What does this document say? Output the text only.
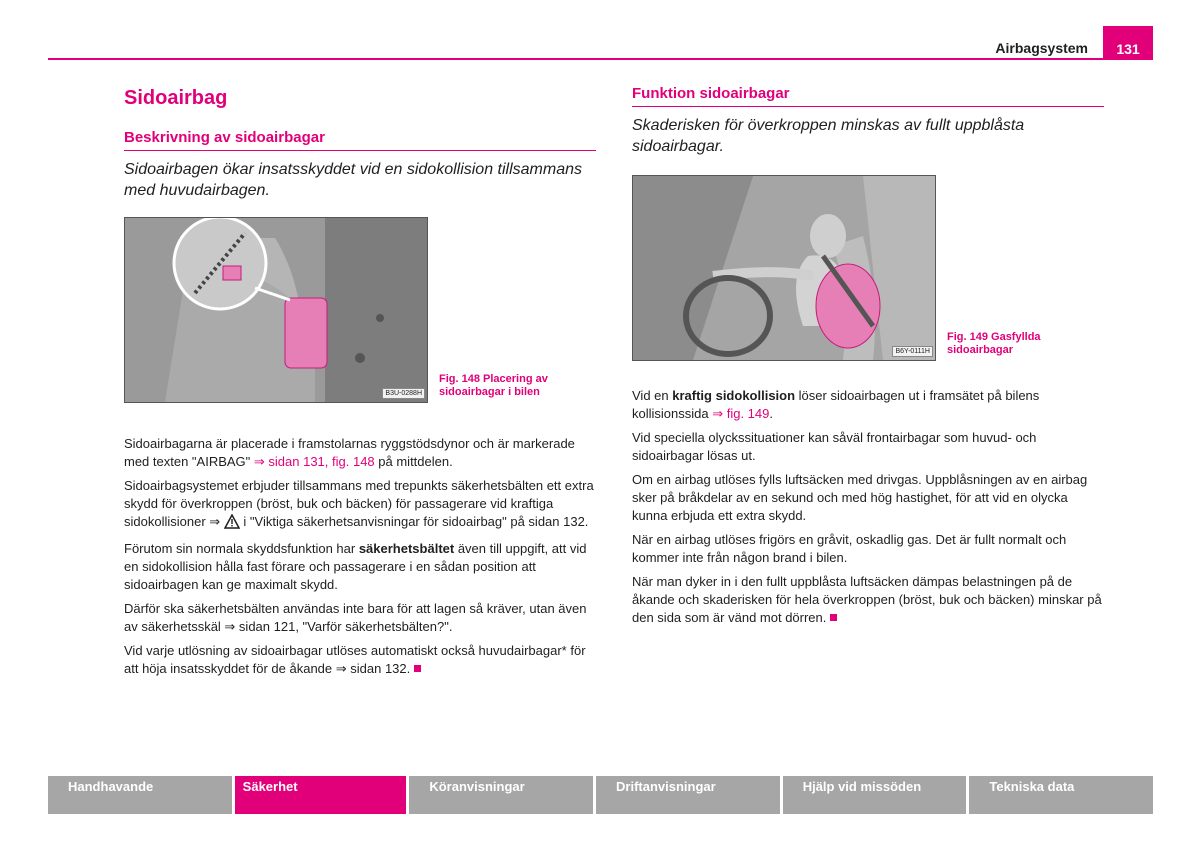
Airbagsystem	131
Sidoairbag
Beskrivning av sidoairbagar

Sidoairbagen ökar insatsskyddet vid en sidokollision tillsammans med huvudairbagen.

B3U-0288H
Fig. 148 Placering av sidoairbagar i bilen

Sidoairbagarna är placerade i framstolarnas ryggstödsdynor och är markerade med texten "AIRBAG" ⇒ sidan 131, fig. 148 på mittdelen.

Sidoairbagsystemet erbjuder tillsammans med trepunkts säkerhetsbälten ett extra skydd för överkroppen (bröst, buk och bäcken) för passagerare vid kraftiga sidokollisioner ⇒  i "Viktiga säkerhetsanvisningar för sidoairbag" på sidan 132.

Förutom sin normala skyddsfunktion har säkerhetsbältet även till uppgift, att vid en sidokollision hålla fast förare och passagerare i en sådan position att sidoairbagen kan ge maximalt skydd.

Därför ska säkerhetsbälten användas inte bara för att lagen så kräver, utan även av säkerhetsskäl ⇒ sidan 121, "Varför säkerhetsbälten?".

Vid varje utlösning av sidoairbagar utlöses automatiskt också huvudairbagar* för att höja insatsskyddet för de åkande ⇒ sidan 132.

Funktion sidoairbagar

Skaderisken för överkroppen minskas av fullt uppblåsta sidoairbagar.

B6Y-0111H
Fig. 149 Gasfyllda sidoairbagar

Vid en kraftig sidokollision löser sidoairbagen ut i framsätet på bilens kollisionssida ⇒ fig. 149.

Vid speciella olyckssituationer kan såväl frontairbagar som huvud- och sidoairbagar lösas ut.

Om en airbag utlöses fylls luftsäcken med drivgas. Uppblåsningen av en airbag sker på bråkdelar av en sekund och med hög hastighet, för att vid en olycka kunna erbjuda ett extra skydd.

När en airbag utlöses frigörs en gråvit, oskadlig gas. Det är fullt normalt och kommer inte från någon brand i bilen.

När man dyker in i den fullt uppblåsta luftsäcken dämpas belastningen på de åkande och skaderisken för hela överkroppen (bröst, buk och bäcken) minskar på den sida som är vänd mot dörren.

Handhavande	Säkerhet	Köranvisningar	Driftanvisningar	Hjälp vid missöden	Tekniska data
